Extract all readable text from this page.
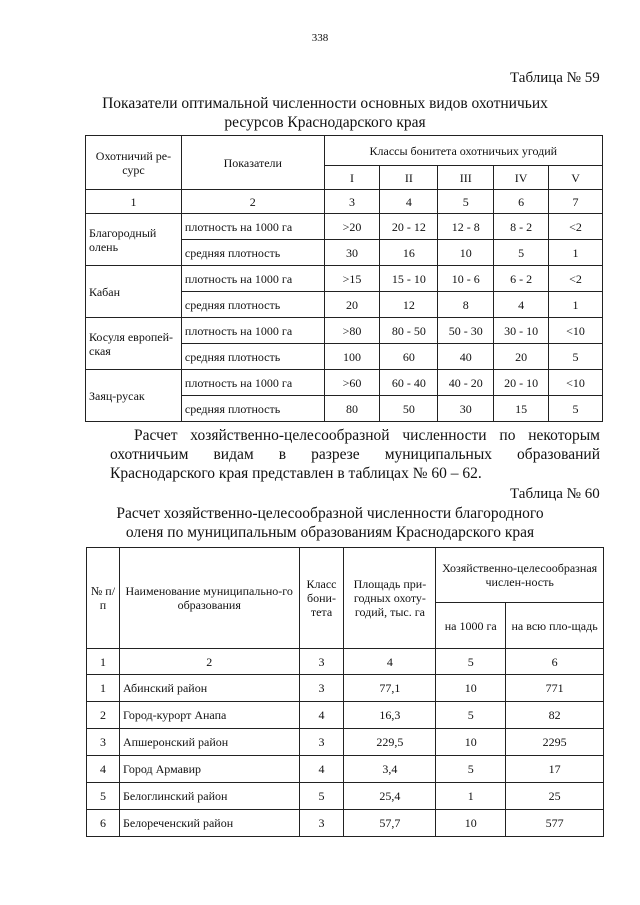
338
Таблица № 59
Показатели оптимальной численности основных видов охотничьих ресурсов Краснодарского края
Охотничий ре-сурс	Показатели	Классы бонитета охотничьих угодий				
		I	II	III	IV	V
1	2	3	4	5	6	7
Благородный олень	плотность на 1000 га	>20	20 - 12	12 - 8	8 - 2	<2
	средняя плотность	30	16	10	5	1
Кабан	плотность на 1000 га	>15	15 - 10	10 - 6	6 - 2	<2
	средняя плотность	20	12	8	4	1
Косуля европей-ская	плотность на 1000 га	>80	80 - 50	50 - 30	30 - 10	<10
	средняя плотность	100	60	40	20	5
Заяц-русак	плотность на 1000 га	>60	60 - 40	40 - 20	20 - 10	<10
	средняя плотность	80	50	30	15	5
Расчет хозяйственно-целесообразной численности по некоторым охотничьим видам в разрезе муниципальных образований Краснодарского края представлен в таблицах № 60 – 62.
Таблица № 60
Расчет хозяйственно-целесообразной численности благородного оленя по муниципальным образованиям Краснодарского края
№ п/п	Наименование муниципально-го образования	Класс бони-тета	Площадь при-годных охоту-годий, тыс. га	Хозяйственно-целесообразная числен-ность	
				на 1000 га	на всю пло-щадь
1	2	3	4	5	6
1	Абинский район	3	77,1	10	771
2	Город-курорт Анапа	4	16,3	5	82
3	Апшеронский район	3	229,5	10	2295
4	Город Армавир	4	3,4	5	17
5	Белоглинский район	5	25,4	1	25
6	Белореченский район	3	57,7	10	577
